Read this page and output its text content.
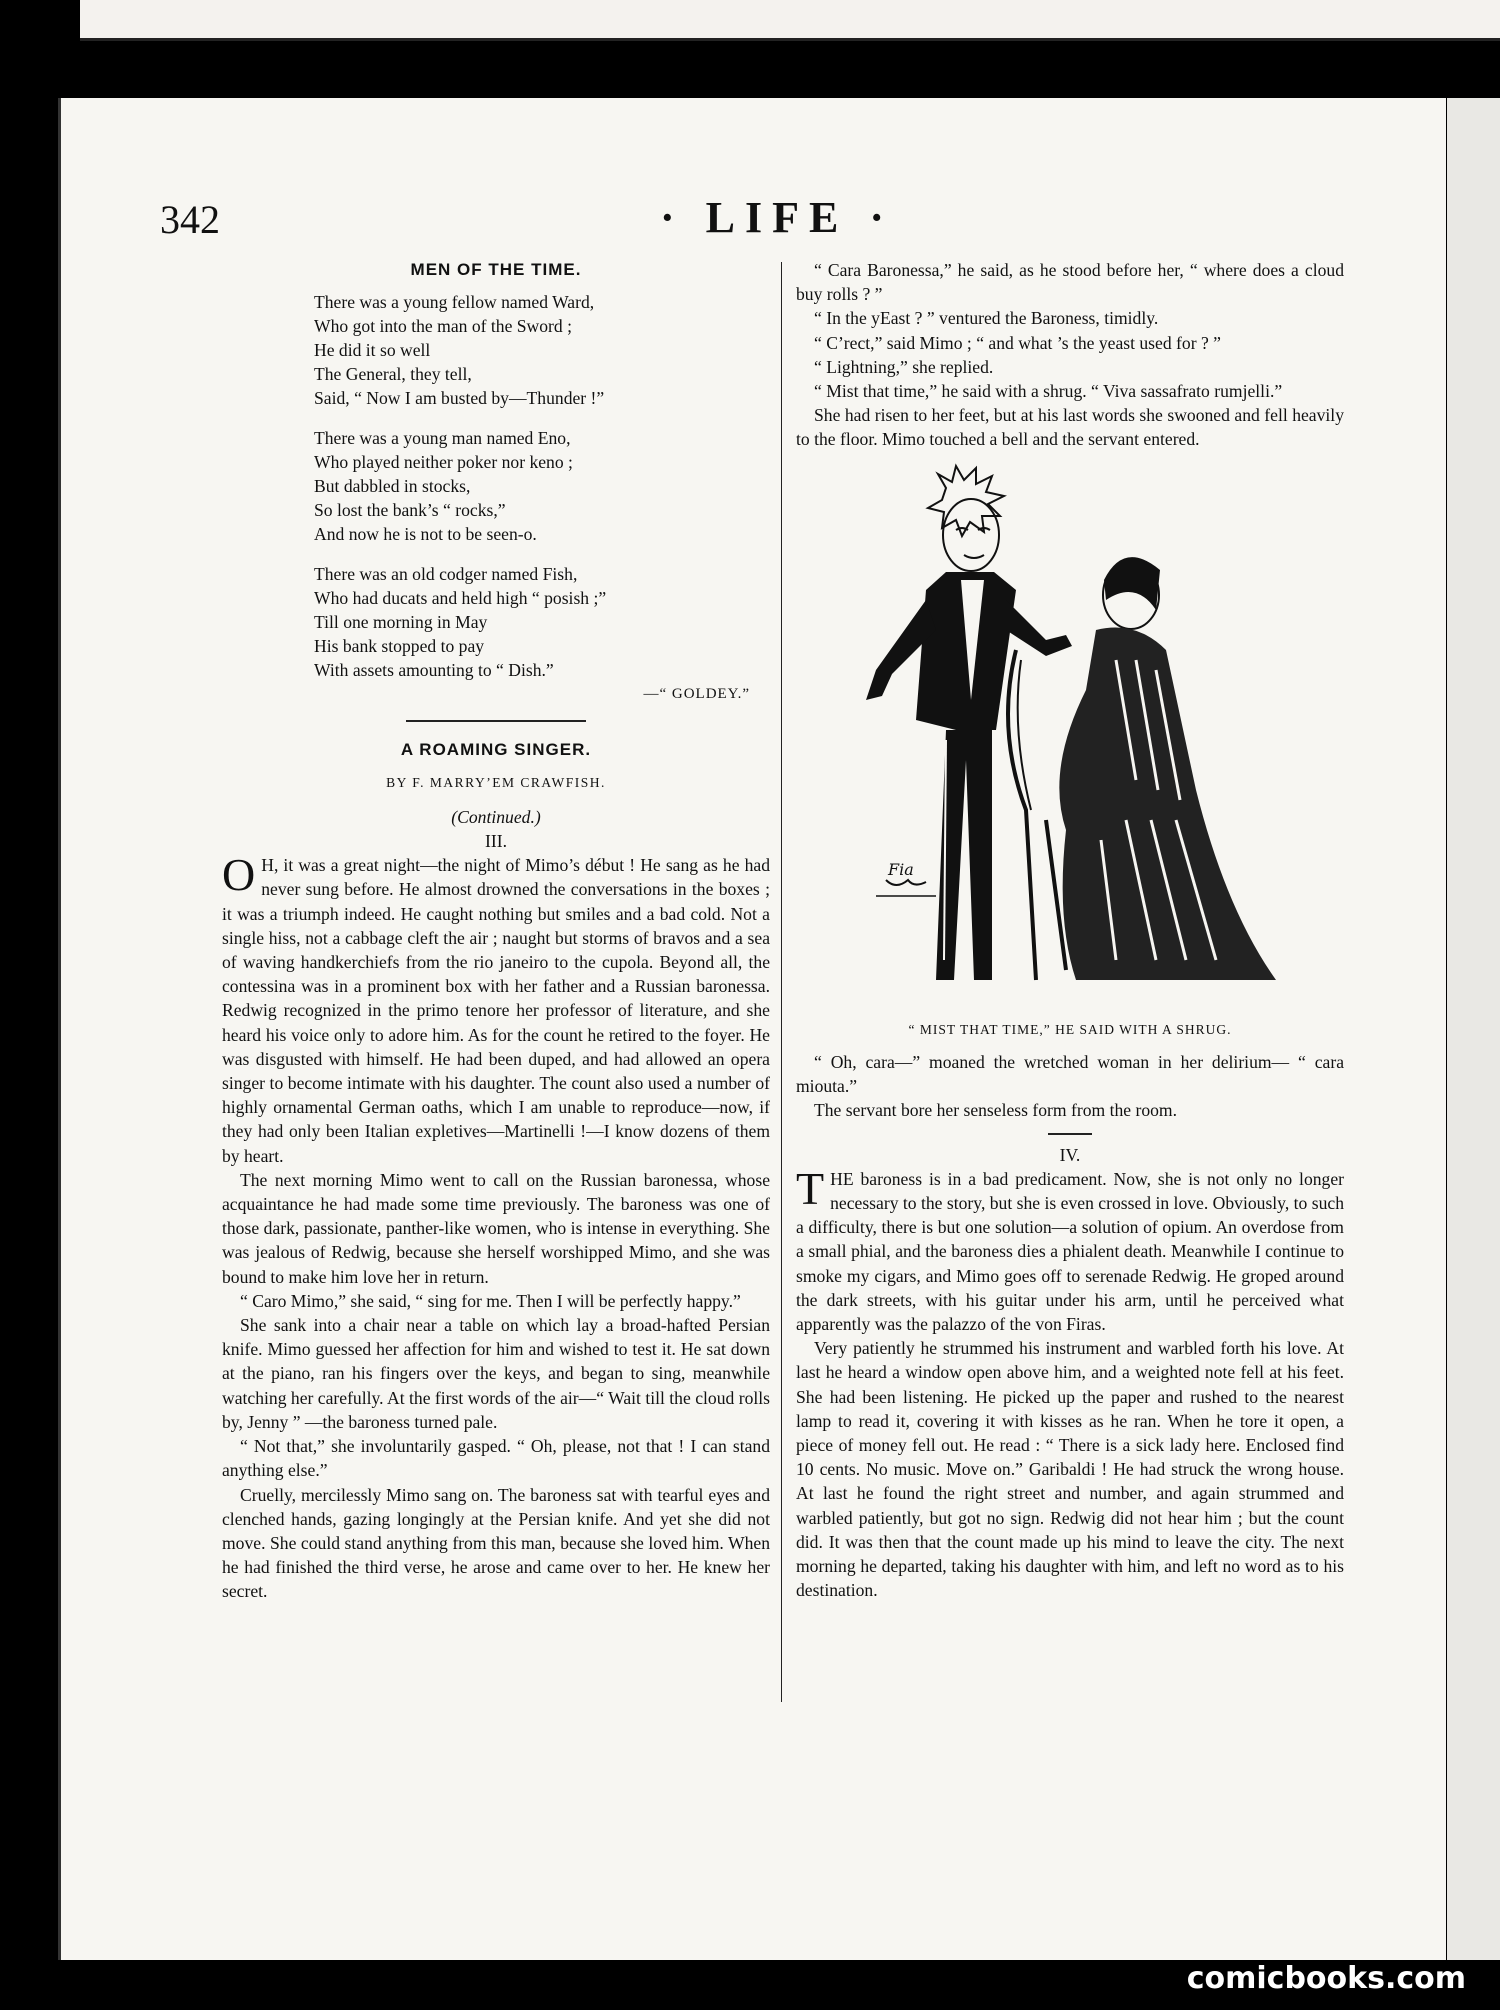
342	· LIFE ·
MEN OF THE TIME.
There was a young fellow named Ward,
Who got into the man of the Sword ;
He did it so well
The General, they tell,
Said, “ Now I am busted by—Thunder !”
There was a young man named Eno,
Who played neither poker nor keno ;
But dabbled in stocks,
So lost the bank’s “ rocks,”
And now he is not to be seen-o.
There was an old codger named Fish,
Who had ducats and held high “ posish ;”
Till one morning in May
His bank stopped to pay
With assets amounting to “ Dish.”
—“ GOLDEY.”
A ROAMING SINGER.
BY F. MARRY’EM CRAWFISH.
(Continued.)
III.

O H, it was a great night—the night of Mimo’s début ! He sang as he had never sung before. He almost drowned the conversations in the boxes ; it was a triumph indeed. He caught nothing but smiles and a bad cold. Not a single hiss, not a cabbage cleft the air ; naught but storms of bravos and a sea of waving handkerchiefs from the rio janeiro to the cupola. Beyond all, the contessina was in a prominent box with her father and a Russian baronessa. Redwig recognized in the primo tenore her professor of literature, and she heard his voice only to adore him. As for the count he retired to the foyer. He was disgusted with himself. He had been duped, and had allowed an opera singer to become intimate with his daughter. The count also used a number of highly ornamental German oaths, which I am unable to reproduce—now, if they had only been Italian expletives—Martinelli !—I know dozens of them by heart.

The next morning Mimo went to call on the Russian baronessa, whose acquaintance he had made some time previously. The baroness was one of those dark, passionate, panther-like women, who is intense in everything. She was jealous of Redwig, because she herself worshipped Mimo, and she was bound to make him love her in return.

“ Caro Mimo,” she said, “ sing for me. Then I will be perfectly happy.”

She sank into a chair near a table on which lay a broad-hafted Persian knife. Mimo guessed her affection for him and wished to test it. He sat down at the piano, ran his fingers over the keys, and began to sing, meanwhile watching her carefully. At the first words of the air—“ Wait till the cloud rolls by, Jenny ” —the baroness turned pale.

“ Not that,” she involuntarily gasped. “ Oh, please, not that ! I can stand anything else.”

Cruelly, mercilessly Mimo sang on. The baroness sat with tearful eyes and clenched hands, gazing longingly at the Persian knife. And yet she did not move. She could stand anything from this man, because she loved him. When he had finished the third verse, he arose and came over to her. He knew her secret.

“ Cara Baronessa,” he said, as he stood before her, “ where does a cloud buy rolls ? ”

“ In the yEast ? ” ventured the Baroness, timidly.

“ C’rect,” said Mimo ; “ and what ’s the yeast used for ? ”

“ Lightning,” she replied.

“ Mist that time,” he said with a shrug. “ Viva sassafrato rumjelli.”

She had risen to her feet, but at his last words she swooned and fell heavily to the floor. Mimo touched a bell and the servant entered.

Fia
“ MIST THAT TIME,” HE SAID WITH A SHRUG.

“ Oh, cara—” moaned the wretched woman in her delirium— “ cara miouta.”

The servant bore her senseless form from the room.

IV.

THE baroness is in a bad predicament. Now, she is not only no longer necessary to the story, but she is even crossed in love. Obviously, to such a difficulty, there is but one solution—a solution of opium. An overdose from a small phial, and the baroness dies a phialent death. Meanwhile I continue to smoke my cigars, and Mimo goes off to serenade Redwig. He groped around the dark streets, with his guitar under his arm, until he perceived what apparently was the palazzo of the von Firas.

Very patiently he strummed his instrument and warbled forth his love. At last he heard a window open above him, and a weighted note fell at his feet. She had been listening. He picked up the paper and rushed to the nearest lamp to read it, covering it with kisses as he ran. When he tore it open, a piece of money fell out. He read : “ There is a sick lady here. Enclosed find 10 cents. No music. Move on.” Garibaldi ! He had struck the wrong house. At last he found the right street and number, and again strummed and warbled patiently, but got no sign. Redwig did not hear him ; but the count did. It was then that the count made up his mind to leave the city. The next morning he departed, taking his daughter with him, and left no word as to his destination.

comicbooks.com
